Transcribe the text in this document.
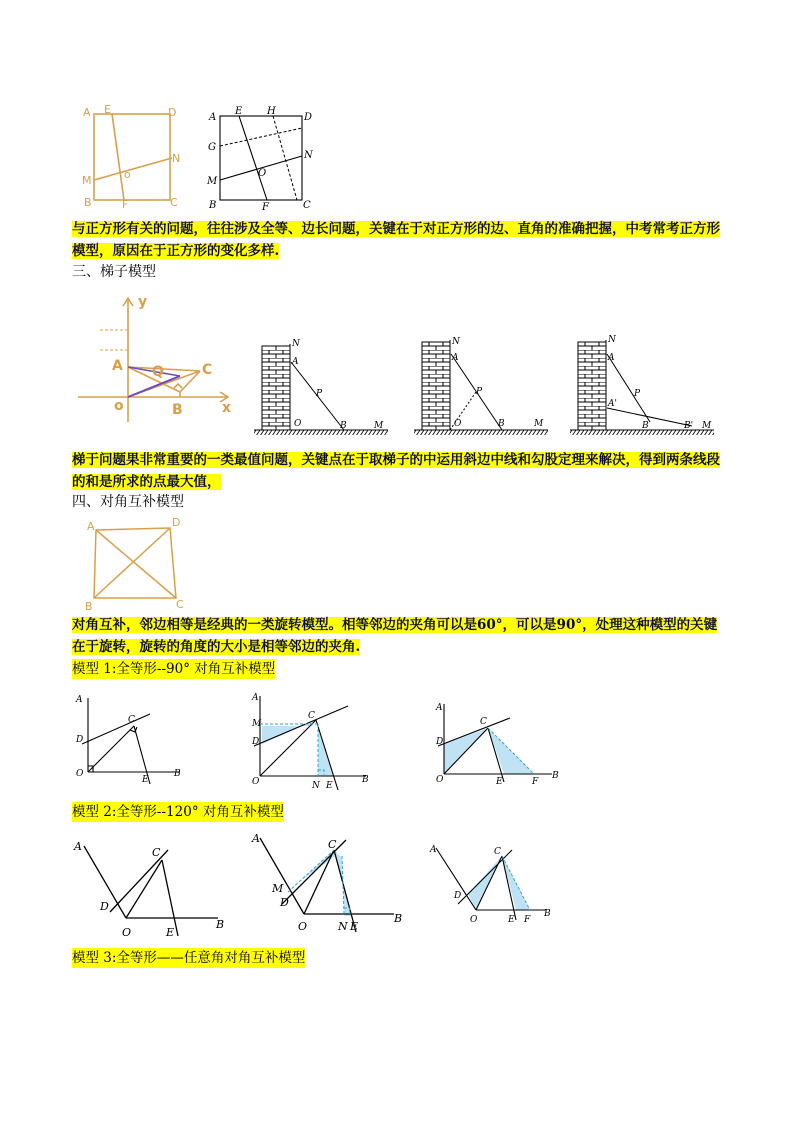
A E	D
N
M	o
B	F	C
A
E H
D
G
N
M
O
B	F	C
与正方形有关的问题，往往涉及全等、边长问题，关键在于对正方形的边、直角的准确把握，中考常考正方形模型，原因在于正方形的变化多样.
三、梯子模型
y
x
A Q	C
o	B
N
A
P
O	B	M
N
A
P
O	B	M
N
A
P
A'
B	B' M
梯于问题果非常重要的一类最值问题，关键点在于取梯子的中运用斜边中线和勾股定理来解决，得到两条线段的和是所求的点最大值，
四、对角互补模型
A	D
B	C
对角互补，邻边相等是经典的一类旋转模型。相等邻边的夹角可以是60°，可以是90°，处理这种模型的关键在于旋转，旋转的角度的大小是相等邻边的夹角.
模型 1:全等形--90° 对角互补模型
A
D
C
O
E
B
A
M
D
C
O	N E
B
A
D
C
O	E	F
B
模型 2:全等形--120° 对角互补模型
A
D
C
O	E
B
A
M
D
C
O	N E
B
A
D
C
O	E F
B
模型 3:全等形——任意角对角互补模型
